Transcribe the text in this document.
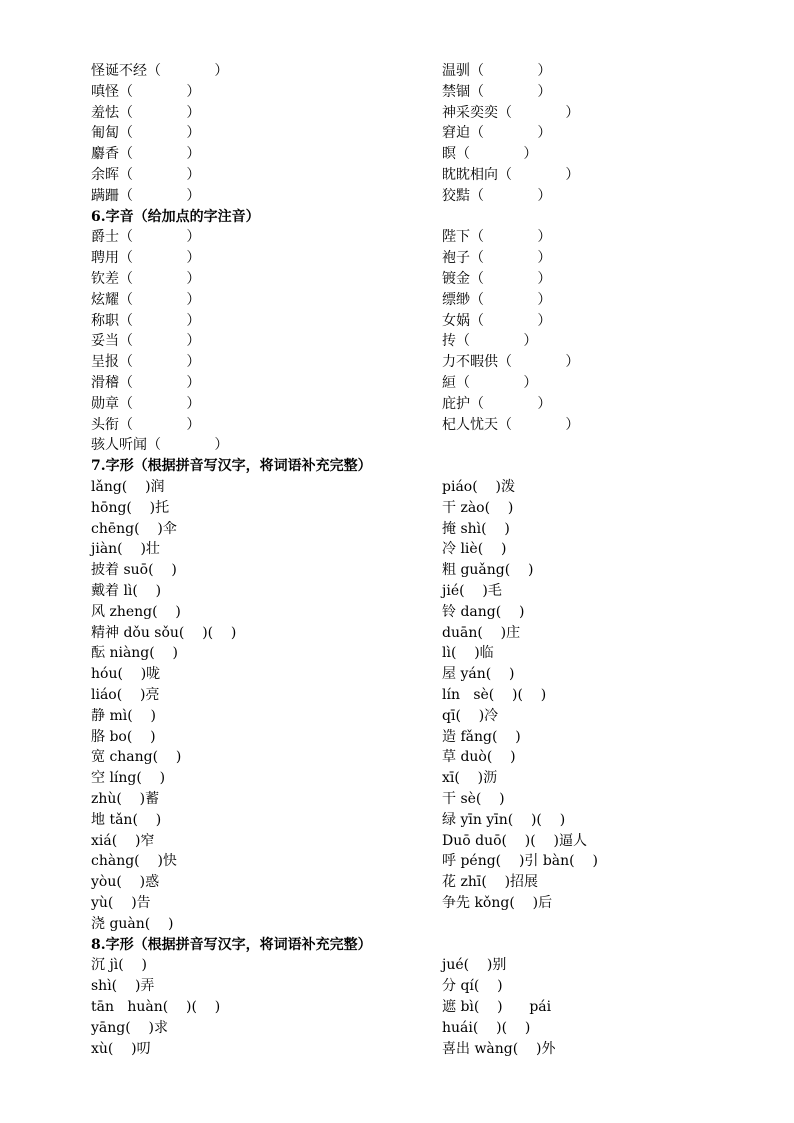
怪诞不经（            ）	温驯（            ）
嗔怪（            ）	禁锢（            ）
羞怯（            ）	神采奕奕（            ）
匍匐（            ）	窘迫（            ）
麝香（            ）	瞑（            ）
余晖（            ）	眈眈相向（            ）
蹒跚（            ）	狡黠（            ）
6.字音（给加点的字注音）
爵士（            ）	陛下（            ）
聘用（            ）	袍子（            ）
钦差（            ）	镀金（            ）
炫耀（            ）	缥缈（            ）
称职（            ）	女娲（            ）
妥当（            ）	抟（            ）
呈报（            ）	力不暇供（            ）
滑稽（            ）	絙（            ）
勋章（            ）	庇护（            ）
头衔（            ）	杞人忧天（            ）
骇人听闻（            ）
7.字形（根据拼音写汉字，将词语补充完整）
lǎng(    )润	piáo(    )泼
hōng(    )托	干 zào(    )
chēng(    )伞	掩 shì(    )
jiàn(    )壮	冷 liè(    )
披着 suō(    )	粗 guǎng(    )
戴着 lì(    )	jié(    )毛
风 zheng(    )	铃 dang(    )
精神 dǒu sǒu(    )(    )	duān(    )庄
酝 niàng(    )	lì(    )临
hóu(    )咙	屋 yán(    )
liáo(    )亮	lín   sè(    )(    )
静 mì(    )	qī(    )冷
胳 bo(    )	造 fǎng(    )
宽 chang(    )	草 duò(    )
空 líng(    )	xī(    )沥
zhù(    )蓄	干 sè(    )
地 tǎn(    )	绿 yīn yīn(    )(    )
xiá(    )窄	Duō duō(    )(    )逼人
chàng(    )快	呼 péng(    )引 bàn(    )
yòu(    )惑	花 zhī(    )招展
yù(    )告	争先 kǒng(    )后
浇 guàn(    )
8.字形（根据拼音写汉字，将词语补充完整）
沉 jì(    )	jué(    )别
shì(    )弄	分 qí(    )
tān   huàn(    )(    )	遮 bì(    )      pái
yāng(    )求	huái(    )(    )
xù(    )叨	喜出 wàng(    )外
